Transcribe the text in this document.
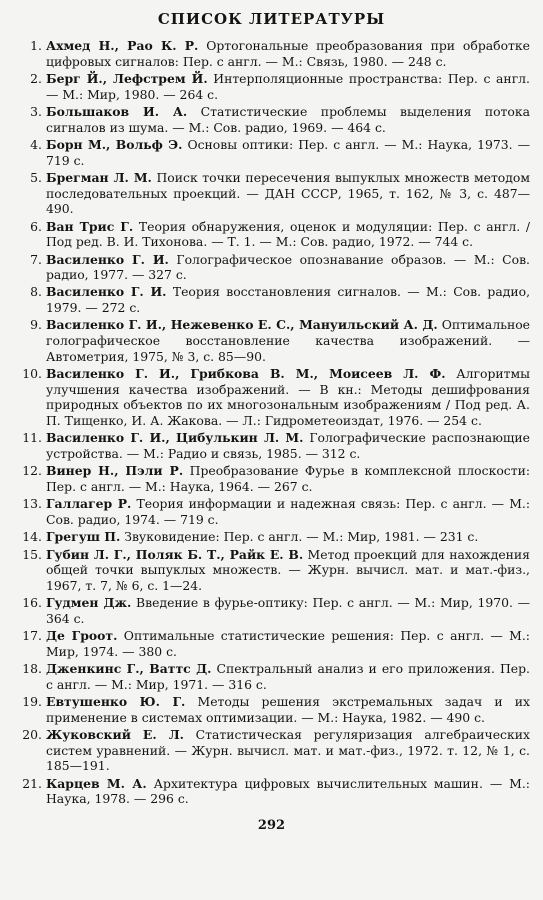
СПИСОК ЛИТЕРАТУРЫ
1. Ахмед Н., Рао К. Р. Ортогональные преобразования при обработке цифровых сигналов: Пер. с англ. — М.: Связь, 1980. — 248 с.
2. Берг Й., Лефстрем Й. Интерполяционные пространства: Пер. с англ. — М.: Мир, 1980. — 264 с.
3. Большаков И. А. Статистические проблемы выделения потока сигналов из шума. — М.: Сов. радио, 1969. — 464 с.
4. Борн М., Вольф Э. Основы оптики: Пер. с англ. — М.: Наука, 1973. — 719 с.
5. Брегман Л. М. Поиск точки пересечения выпуклых множеств методом последовательных проекций. — ДАН СССР, 1965, т. 162, № 3, с. 487—490.
6. Ван Трис Г. Теория обнаружения, оценок и модуляции: Пер. с англ. / Под ред. В. И. Тихонова. — Т. 1. — М.: Сов. радио, 1972. — 744 с.
7. Василенко Г. И. Голографическое опознавание образов. — М.: Сов. радио, 1977. — 327 с.
8. Василенко Г. И. Теория восстановления сигналов. — М.: Сов. радио, 1979. — 272 с.
9. Василенко Г. И., Нежевенко Е. С., Мануильский А. Д. Оптимальное голографическое восстановление качества изображений. — Автометрия, 1975, № 3, с. 85—90.
10. Василенко Г. И., Грибкова В. М., Моисеев Л. Ф. Алгоритмы улучшения качества изображений. — В кн.: Методы дешифрования природных объектов по их многозональным изображениям / Под ред. А. П. Тищенко, И. А. Жакова. — Л.: Гидрометеоиздат, 1976. — 254 с.
11. Василенко Г. И., Цибулькин Л. М. Голографические распознающие устройства. — М.: Радио и связь, 1985. — 312 с.
12. Винер Н., Пэли Р. Преобразование Фурье в комплексной плоскости: Пер. с англ. — М.: Наука, 1964. — 267 с.
13. Галлагер Р. Теория информации и надежная связь: Пер. с англ. — М.: Сов. радио, 1974. — 719 с.
14. Грегуш П. Звуковидение: Пер. с англ. — М.: Мир, 1981. — 231 с.
15. Губин Л. Г., Поляк Б. Т., Райк Е. В. Метод проекций для нахождения общей точки выпуклых множеств. — Журн. вычисл. мат. и мат.-физ., 1967, т. 7, № 6, с. 1—24.
16. Гудмен Дж. Введение в фурье-оптику: Пер. с англ. — М.: Мир, 1970. — 364 с.
17. Де Гроот. Оптимальные статистические решения: Пер. с англ. — М.: Мир, 1974. — 380 с.
18. Дженкинс Г., Ваттс Д. Спектральный анализ и его приложения. Пер. с англ. — М.: Мир, 1971. — 316 с.
19. Евтушенко Ю. Г. Методы решения экстремальных задач и их применение в системах оптимизации. — М.: Наука, 1982. — 490 с.
20. Жуковский Е. Л. Статистическая регуляризация алгебраических систем уравнений. — Журн. вычисл. мат. и мат.-физ., 1972. т. 12, № 1, с. 185—191.
21. Карцев М. А. Архитектура цифровых вычислительных машин. — М.: Наука, 1978. — 296 с.
292
